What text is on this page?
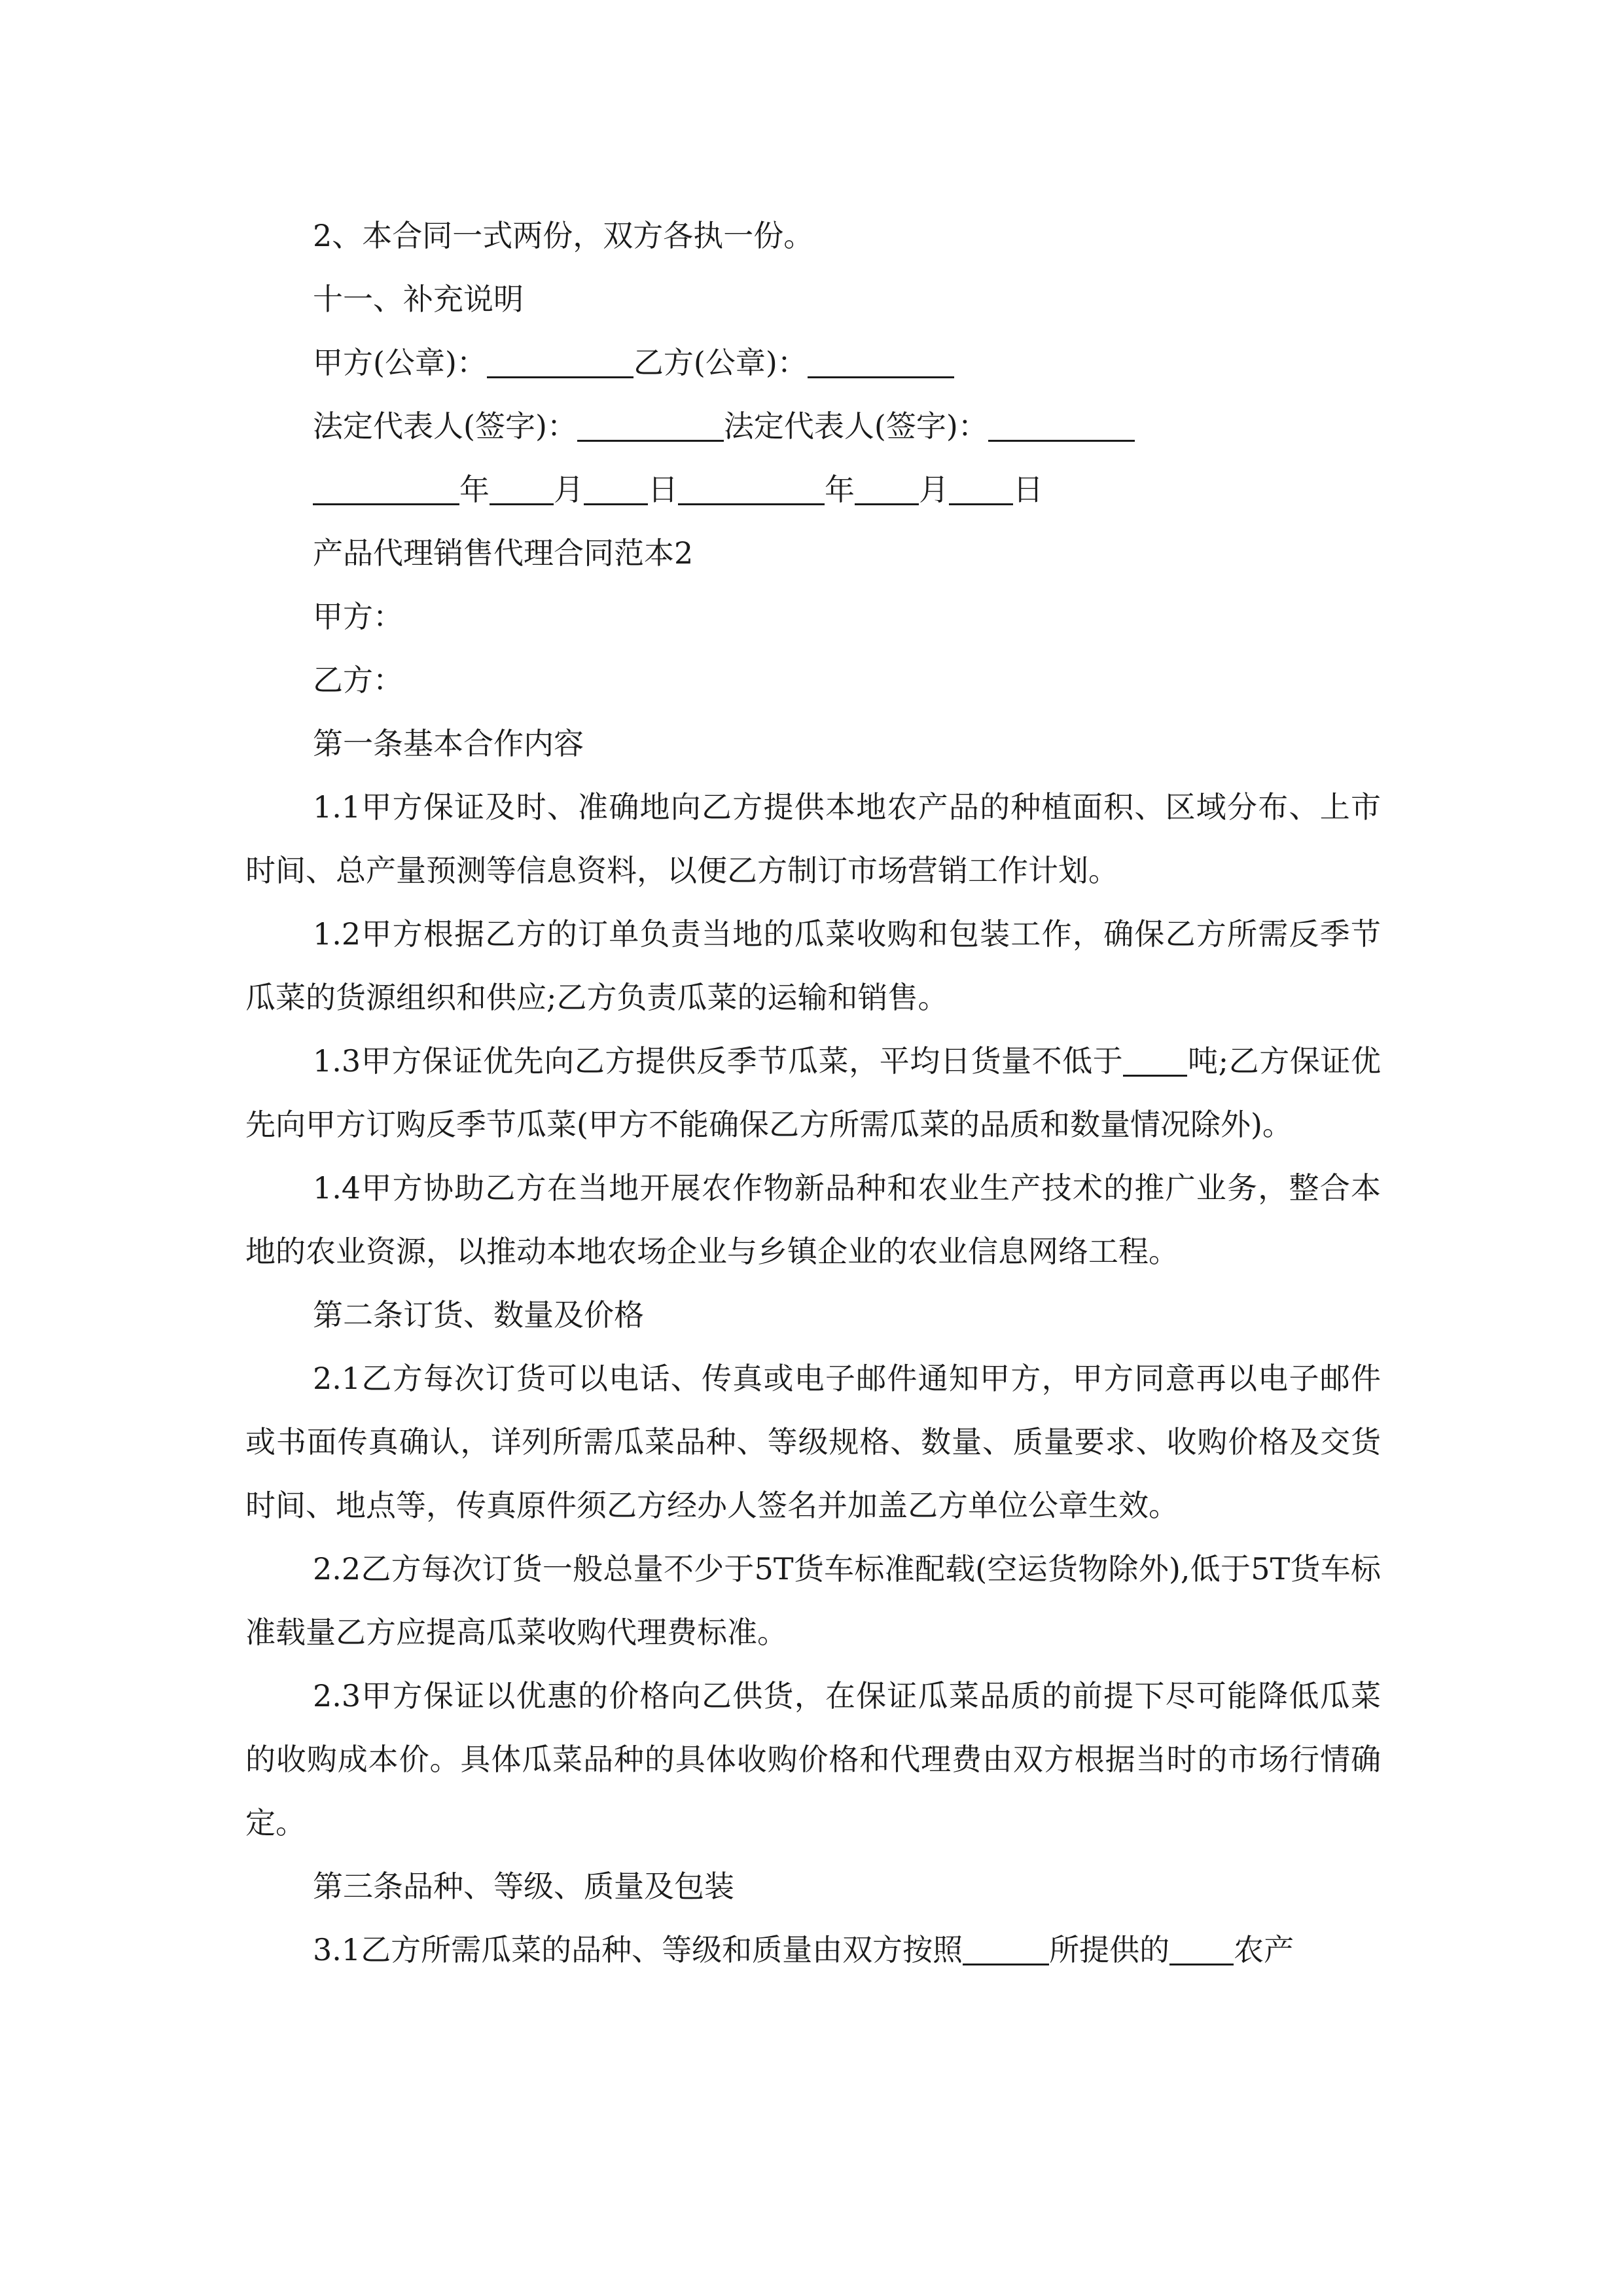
2、本合同一式两份，双方各执一份。

十一、补充说明

甲方(公章)：	乙方(公章)：

法定代表人(签字)：	法定代表人(签字)：

年 月 日	年 月 日

产品代理销售代理合同范本2

甲方：

乙方：

第一条基本合作内容

1.1甲方保证及时、准确地向乙方提供本地农产品的种植面积、区域分布、上市时间、总产量预测等信息资料，以便乙方制订市场营销工作计划。

1.2甲方根据乙方的订单负责当地的瓜菜收购和包装工作，确保乙方所需反季节瓜菜的货源组织和供应;乙方负责瓜菜的运输和销售。

1.3甲方保证优先向乙方提供反季节瓜菜，平均日货量不低于 吨;乙方保证优先向甲方订购反季节瓜菜(甲方不能确保乙方所需瓜菜的品质和数量情况除外)。

1.4甲方协助乙方在当地开展农作物新品种和农业生产技术的推广业务，整合本地的农业资源，以推动本地农场企业与乡镇企业的农业信息网络工程。

第二条订货、数量及价格

2.1乙方每次订货可以电话、传真或电子邮件通知甲方，甲方同意再以电子邮件或书面传真确认，详列所需瓜菜品种、等级规格、数量、质量要求、收购价格及交货时间、地点等，传真原件须乙方经办人签名并加盖乙方单位公章生效。

2.2乙方每次订货一般总量不少于5T货车标准配载(空运货物除外),低于5T货车标准载量乙方应提高瓜菜收购代理费标准。

2.3甲方保证以优惠的价格向乙供货，在保证瓜菜品质的前提下尽可能降低瓜菜的收购成本价。具体瓜菜品种的具体收购价格和代理费由双方根据当时的市场行情确定。

第三条品种、等级、质量及包装

3.1乙方所需瓜菜的品种、等级和质量由双方按照	所提供的 农产
